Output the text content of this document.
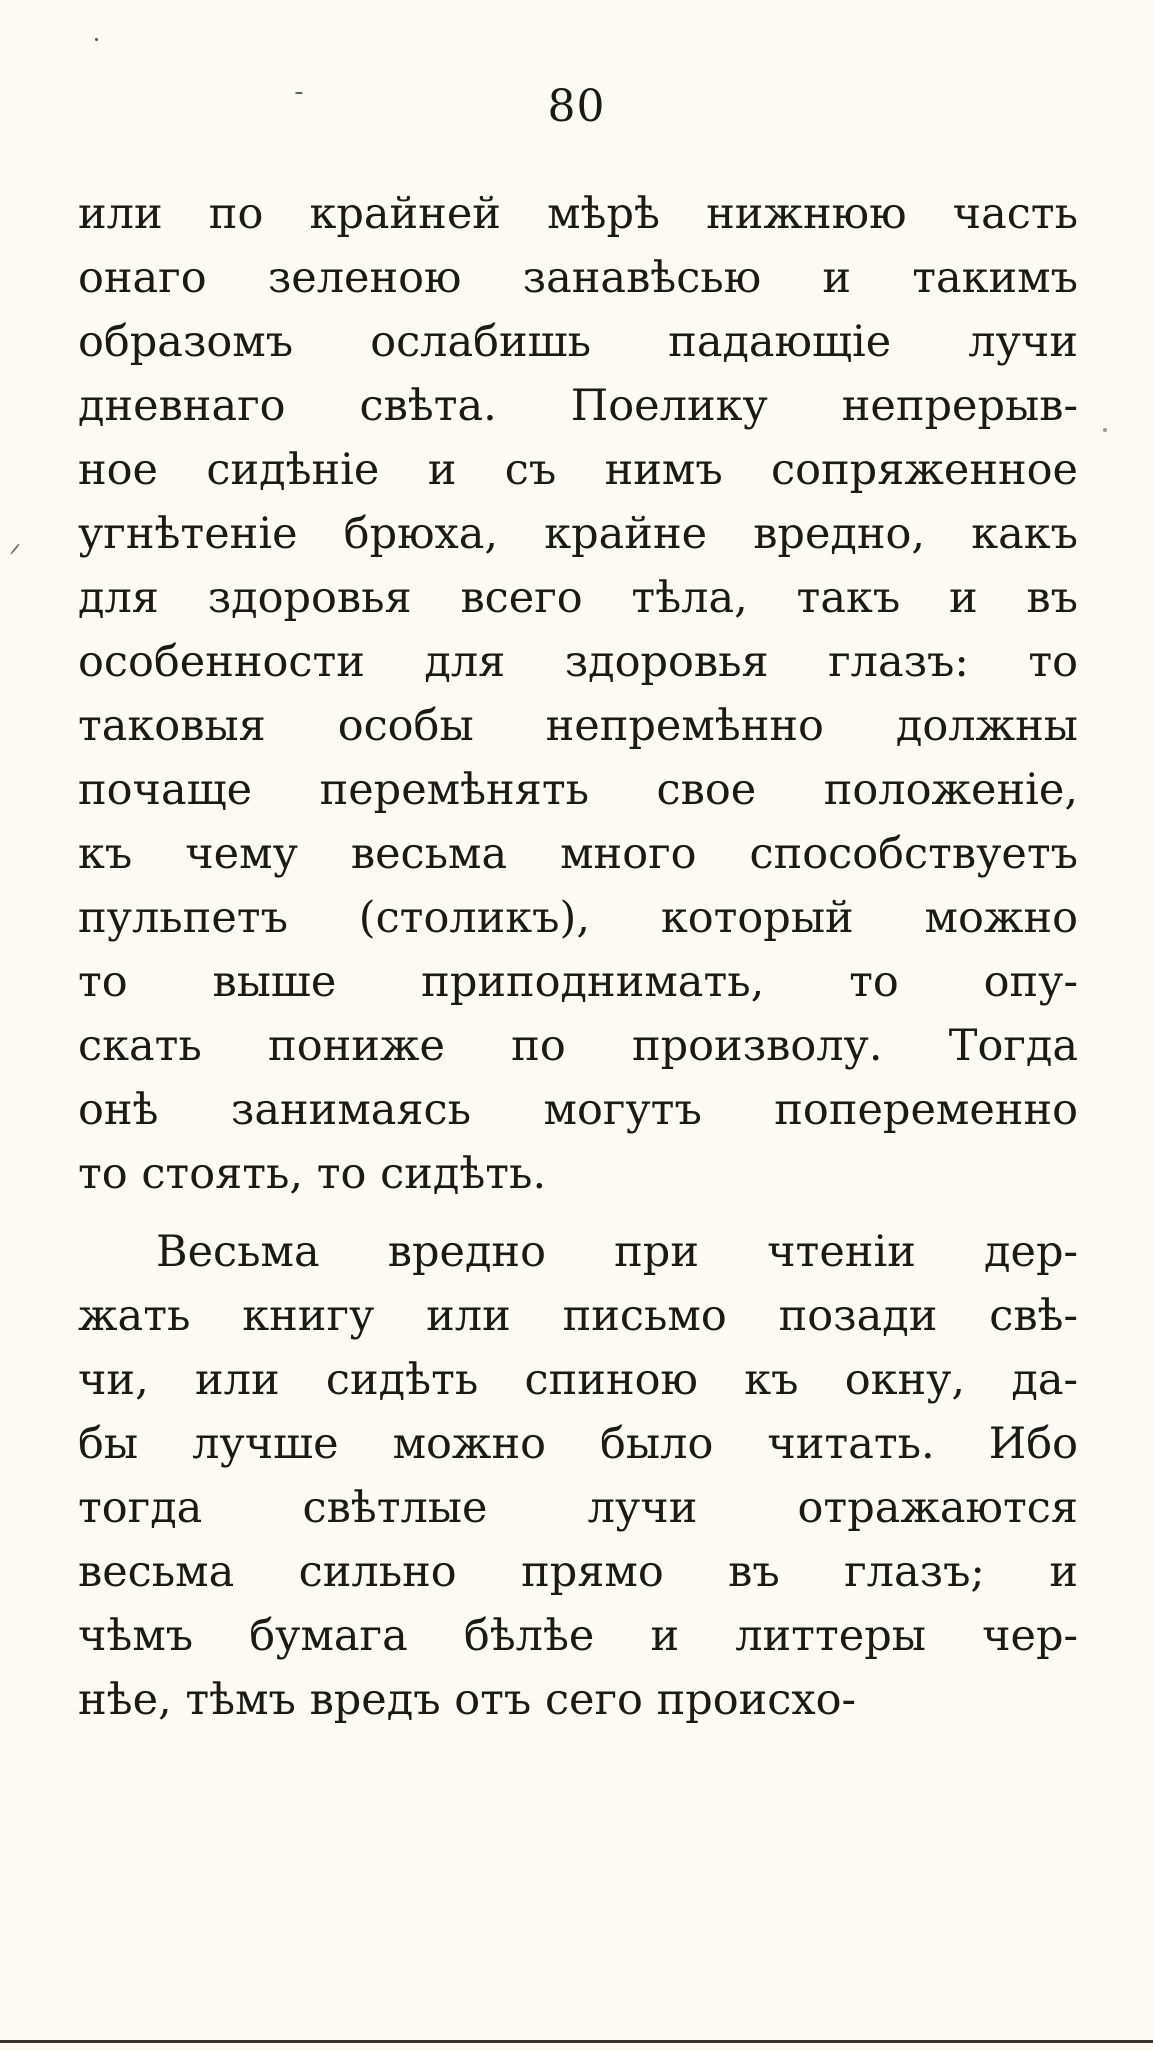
80
или по крайней мѣрѣ нижнюю часть
онаго зеленою занавѣсью и такимъ
образомъ ослабишь падающіе лучи
дневнаго свѣта. Поелику непрерыв-
ное сидѣніе и съ нимъ сопряженное
угнѣтеніе брюха, крайне вредно, какъ
для здоровья всего тѣла, такъ и въ
особенности для здоровья глазъ: то
таковыя особы непремѣнно должны
почаще перемѣнять свое положеніе,
къ чему весьма много способствуетъ
пульпетъ (столикъ), который можно
то выше приподнимать, то опу-
скать пониже по произволу. Тогда
онѣ занимаясь могутъ попеременно
то стоять, то сидѣть.
Весьма вредно при чтеніи дер-
жать книгу или письмо позади свѣ-
чи, или сидѣть спиною къ окну, да-
бы лучше можно было читать. Ибо
тогда свѣтлые лучи отражаются
весьма сильно прямо въ глазъ; и
чѣмъ бумага бѣлѣе и литтеры чер-
нѣе, тѣмъ вредъ отъ сего происхо-
